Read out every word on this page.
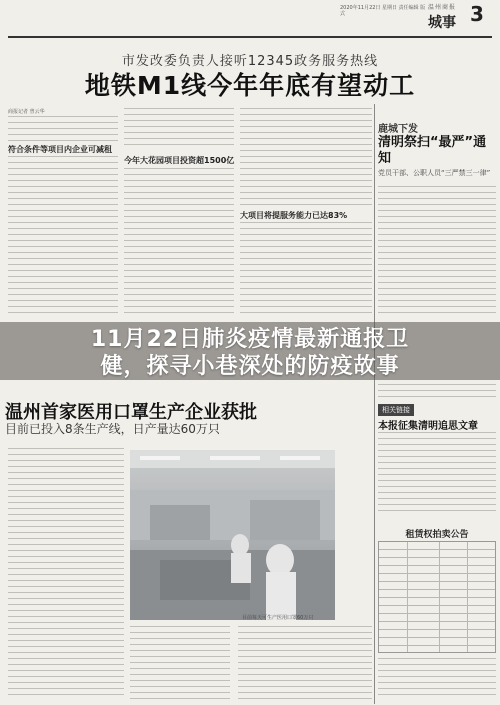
2020年11月22日 星期日 责任编辑 版式
温州商报
城事 3
市发改委负责人接听12345政务服务热线
地铁M1线今年年底有望动工
商报记者 曾云华
符合条件等项目内企业可减租
今年大花园项目投资超1500亿
大项目将提服务能力已达83%
鹿城下发
清明祭扫“最严”通知
党员干部、公职人员“三严禁三一律”
11月22日肺炎疫情最新通报卫
健，探寻小巷深处的防疫故事
温州首家医用口罩生产企业获批
目前已投入8条生产线，日产量达60万只
目前每天可生产医用口罩60万只
相关链接
本报征集清明追思文章
租赁权拍卖公告
